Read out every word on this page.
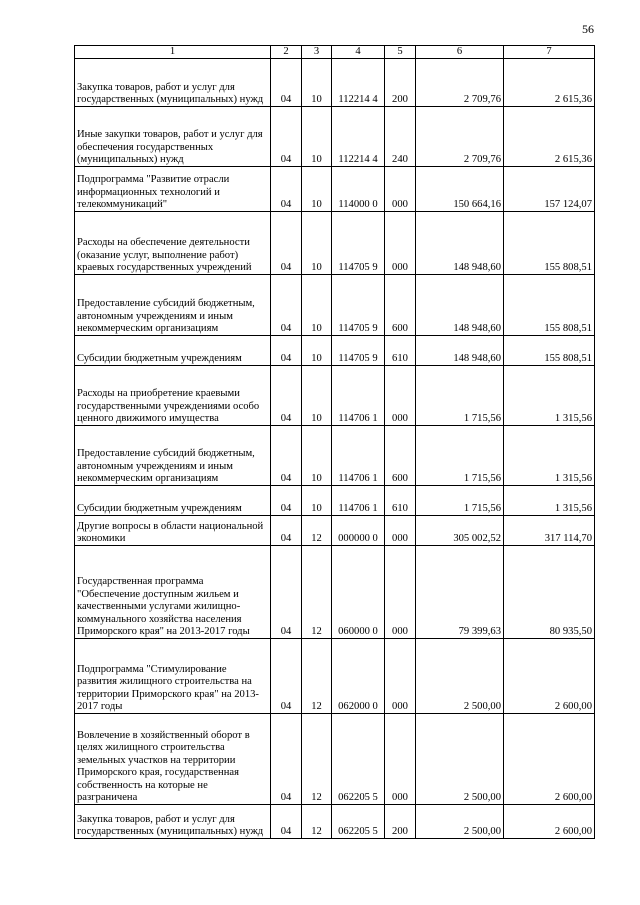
56
1	2	3	4	5	6	7
Закупка товаров, работ и услуг для государственных (муниципальных) нужд	04	10	112214 4	200	2 709,76	2 615,36
Иные закупки товаров, работ и услуг для обеспечения государственных (муниципальных) нужд	04	10	112214 4	240	2 709,76	2 615,36
Подпрограмма "Развитие отрасли информационных технологий и телекоммуникаций"	04	10	114000 0	000	150 664,16	157 124,07
Расходы на обеспечение деятельности (оказание услуг, выполнение работ) краевых государственных учреждений	04	10	114705 9	000	148 948,60	155 808,51
Предоставление субсидий бюджетным, автономным учреждениям и иным некоммерческим организациям	04	10	114705 9	600	148 948,60	155 808,51
Субсидии бюджетным учреждениям	04	10	114705 9	610	148 948,60	155 808,51
Расходы на приобретение краевыми государственными учреждениями особо ценного движимого имущества	04	10	114706 1	000	1 715,56	1 315,56
Предоставление субсидий бюджетным, автономным учреждениям и иным некоммерческим организациям	04	10	114706 1	600	1 715,56	1 315,56
Субсидии бюджетным учреждениям	04	10	114706 1	610	1 715,56	1 315,56
Другие вопросы в области национальной экономики	04	12	000000 0	000	305 002,52	317 114,70
Государственная программа "Обеспечение доступным жильем и качественными услугами жилищно-коммунального хозяйства населения Приморского края" на 2013-2017 годы	04	12	060000 0	000	79 399,63	80 935,50
Подпрограмма "Стимулирование развития жилищного строительства на территории Приморского края" на 2013-2017 годы	04	12	062000 0	000	2 500,00	2 600,00
Вовлечение в хозяйственный оборот в целях жилищного строительства земельных участков на территории Приморского края, государственная собственность на которые не разграничена	04	12	062205 5	000	2 500,00	2 600,00
Закупка товаров, работ и услуг для государственных (муниципальных) нужд	04	12	062205 5	200	2 500,00	2 600,00
